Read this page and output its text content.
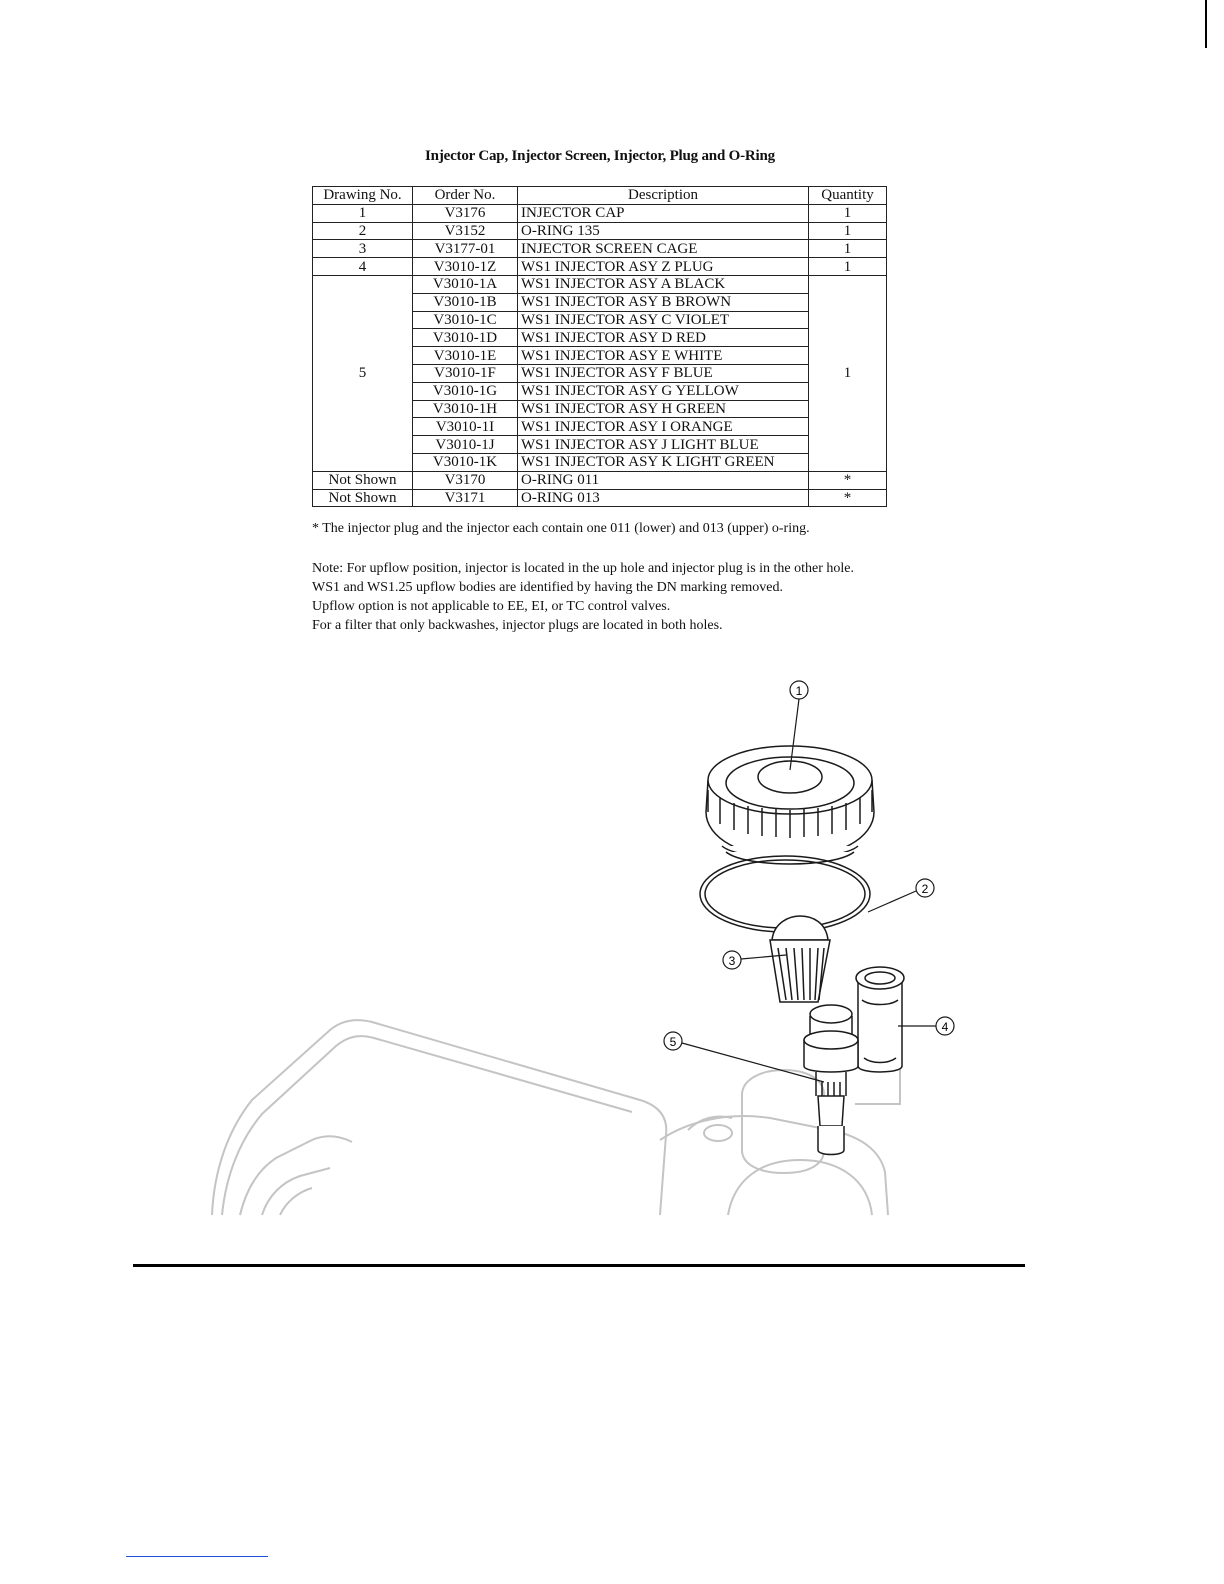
Injector Cap, Injector Screen, Injector, Plug and O-Ring
Drawing No.	Order No.	Description	Quantity
1	V3176	INJECTOR CAP	1
2	V3152	O-RING 135	1
3	V3177-01	INJECTOR SCREEN CAGE	1
4	V3010-1Z	WS1 INJECTOR ASY Z PLUG	1
5	V3010-1A	WS1 INJECTOR ASY A BLACK	1
	V3010-1B	WS1 INJECTOR ASY B BROWN	
	V3010-1C	WS1 INJECTOR ASY C VIOLET	
	V3010-1D	WS1 INJECTOR ASY D RED	
	V3010-1E	WS1 INJECTOR ASY E WHITE	
	V3010-1F	WS1 INJECTOR ASY F BLUE	
	V3010-1G	WS1 INJECTOR ASY G YELLOW	
	V3010-1H	WS1 INJECTOR ASY H GREEN	
	V3010-1I	WS1 INJECTOR ASY I ORANGE	
	V3010-1J	WS1 INJECTOR ASY J LIGHT BLUE	
	V3010-1K	WS1 INJECTOR ASY K LIGHT GREEN	
Not Shown	V3170	O-RING 011	*
Not Shown	V3171	O-RING 013	*
* The injector plug and the injector each contain one 011 (lower) and 013 (upper) o-ring.
Note: For upflow position, injector is located in the up hole and injector plug is in the other hole.
WS1 and WS1.25 upflow bodies are identified by having the DN marking removed.
Upflow option is not applicable to EE, EI, or TC control valves.
For a filter that only backwashes, injector plugs are located in both holes.
1
2
3
4
5
